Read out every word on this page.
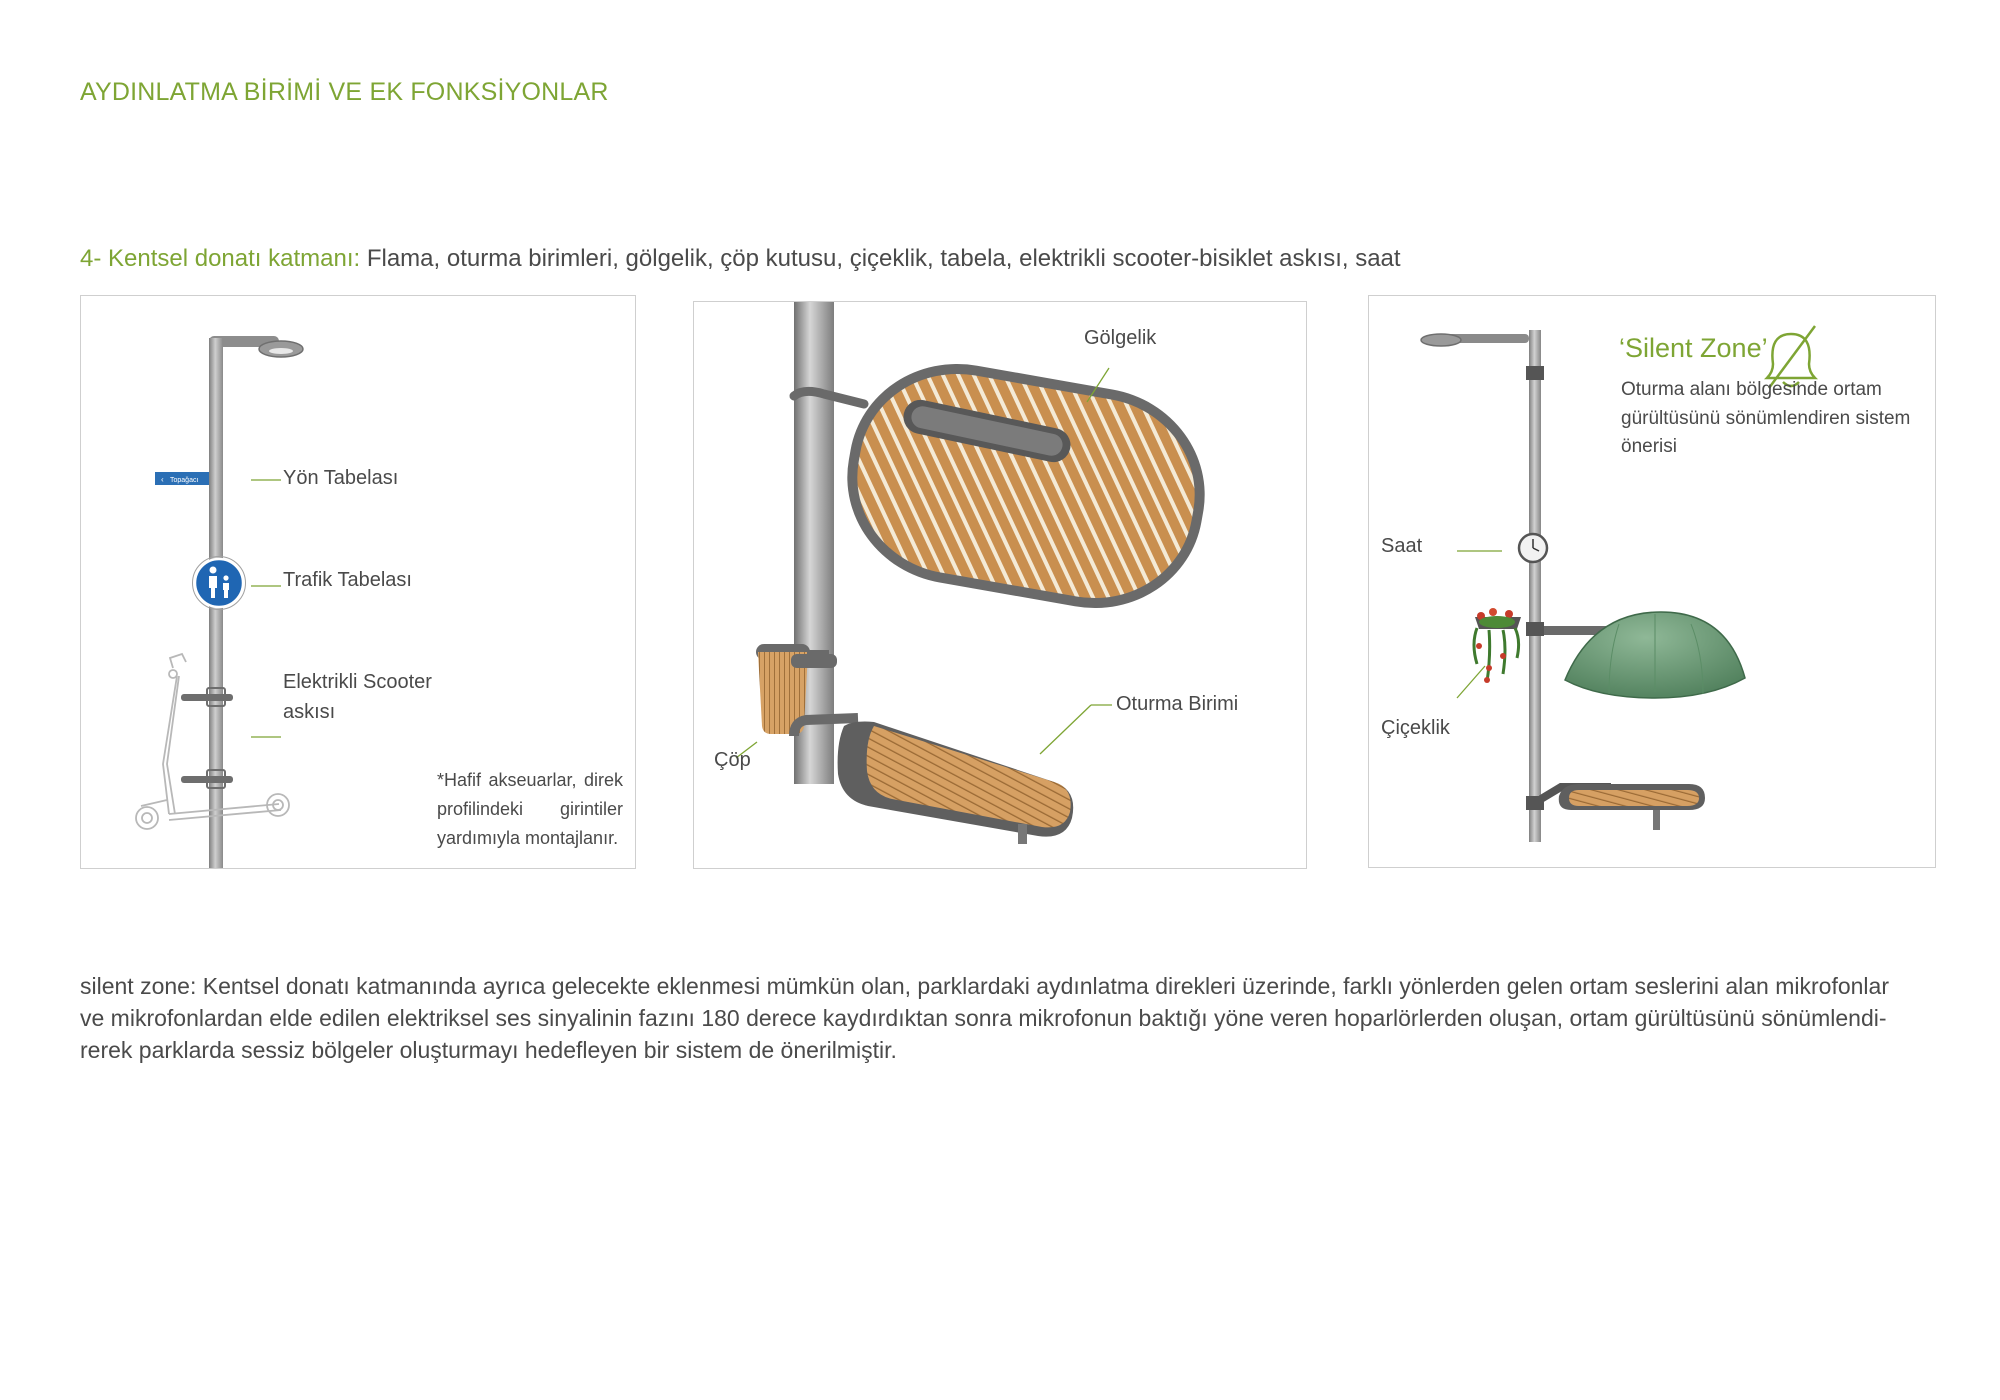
AYDINLATMA BİRİMİ VE EK FONKSİYONLAR
4- Kentsel donatı katmanı: Flama, oturma birimleri, gölgelik, çöp kutusu, çiçeklik, tabela, elektrikli scooter-bisiklet askısı, saat
‹ Topağacı	Yön Tabelası
Trafik Tabelası
Elektrikli Scooter
askısı
*Hafif akseuarlar, direk profilindeki girintiler yardımıyla montajlanır.
Gölgelik
Oturma Birimi
Çöp
‘Silent Zone’
Oturma alanı bölgesinde ortam gürültüsünü sönümlendiren sistem önerisi
Saat
Çiçeklik
silent zone: Kentsel donatı katmanında ayrıca gelecekte eklenmesi mümkün olan, parklardaki aydınlatma direkleri üzerinde, farklı yönlerden gelen ortam seslerini alan mikrofonlar
ve mikrofonlardan elde edilen elektriksel ses sinyalinin fazını 180 derece kaydırdıktan sonra mikrofonun baktığı yöne veren hoparlörlerden oluşan, ortam gürültüsünü sönümlendi-
rerek parklarda sessiz bölgeler oluşturmayı hedefleyen bir sistem de önerilmiştir.
